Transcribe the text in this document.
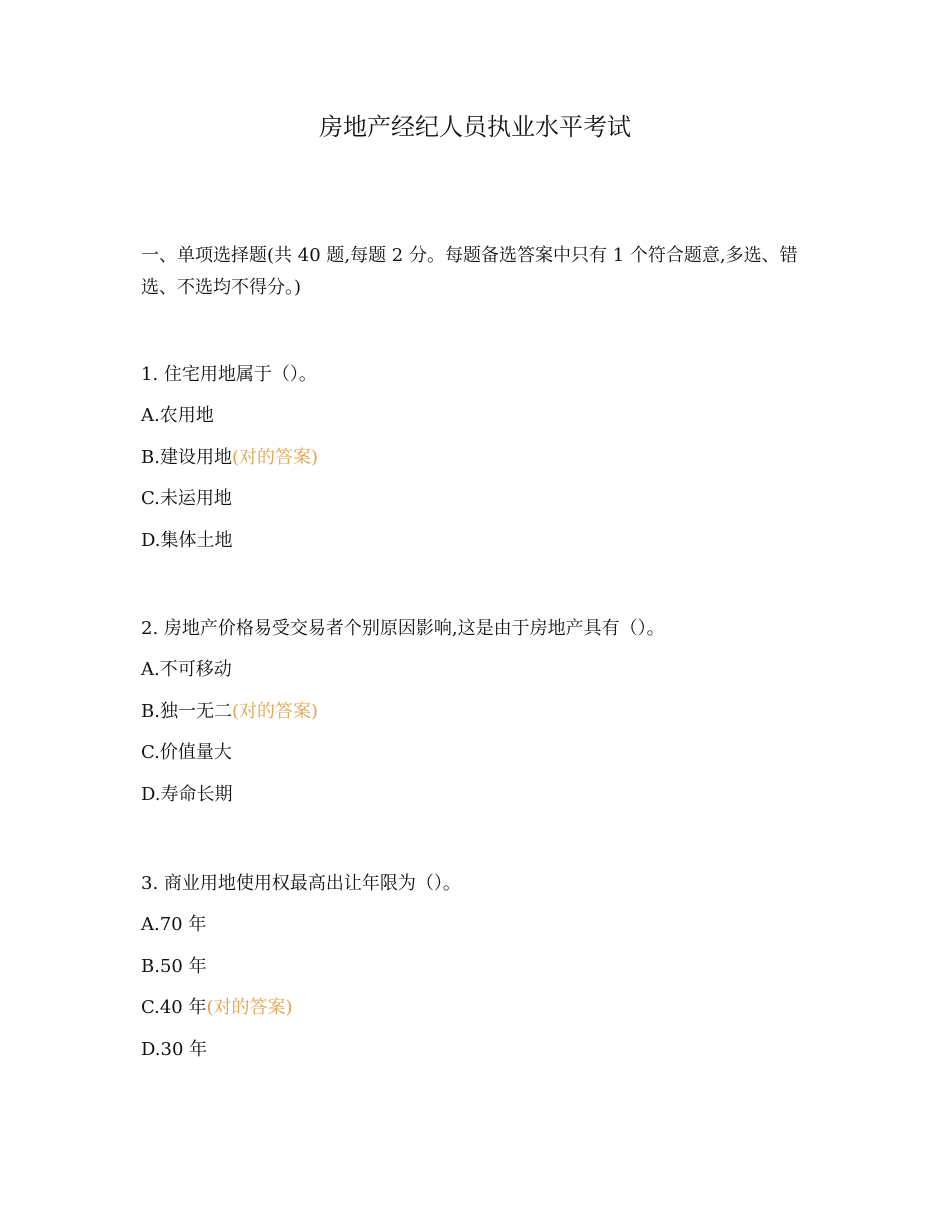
房地产经纪人员执业水平考试

一、单项选择题(共 40 题,每题 2 分。每题备选答案中只有 1 个符合题意,多选、错选、不选均不得分。)

1. 住宅用地属于（）。

A.农用地
B.建设用地(对的答案)
C.未运用地
D.集体土地

2. 房地产价格易受交易者个别原因影响,这是由于房地产具有（）。

A.不可移动
B.独一无二(对的答案)
C.价值量大
D.寿命长期

3. 商业用地使用权最高出让年限为（）。

A.70 年
B.50 年
C.40 年(对的答案)
D.30 年
